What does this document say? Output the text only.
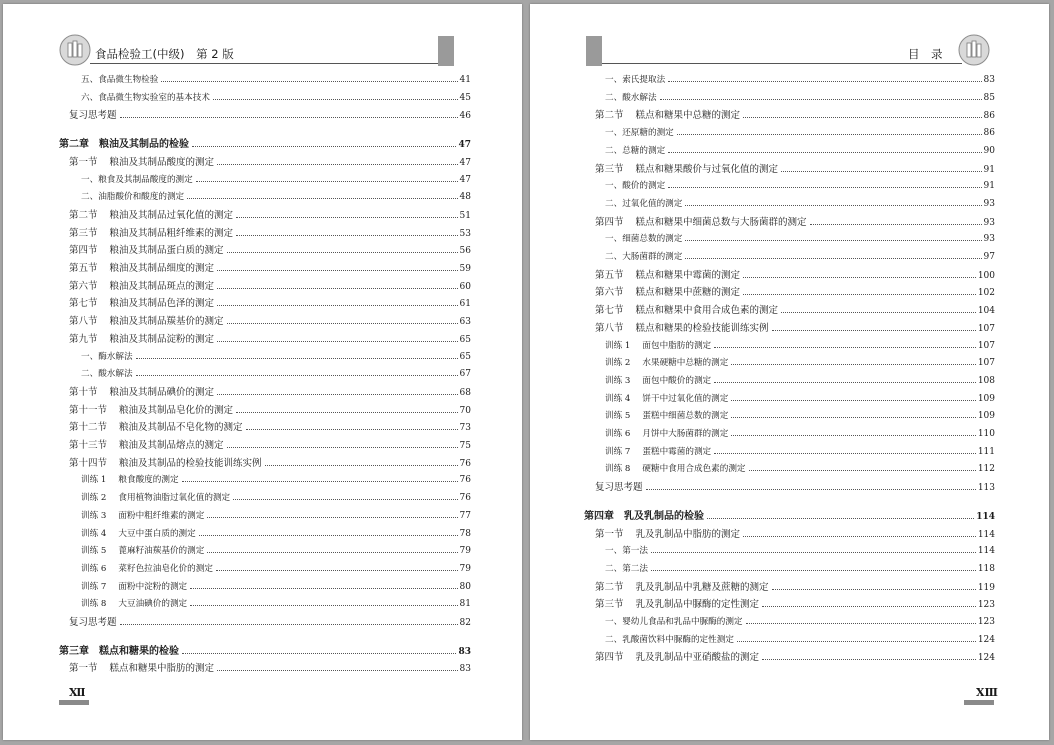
食品检验工(中级) 第 2 版
五、食品微生物检验	41
六、食品微生物实验室的基本技术	45
复习思考题	46
第二章　粮油及其制品的检验	47
第一节 粮油及其制品酸度的测定	47
一、粮食及其制品酸度的测定	47
二、油脂酸价和酸度的测定	48
第二节 粮油及其制品过氧化值的测定	51
第三节 粮油及其制品粗纤维素的测定	53
第四节 粮油及其制品蛋白质的测定	56
第五节 粮油及其制品细度的测定	59
第六节 粮油及其制品斑点的测定	60
第七节 粮油及其制品色泽的测定	61
第八节 粮油及其制品羰基价的测定	63
第九节 粮油及其制品淀粉的测定	65
一、酶水解法	65
二、酸水解法	67
第十节 粮油及其制品碘价的测定	68
第十一节 粮油及其制品皂化价的测定	70
第十二节 粮油及其制品不皂化物的测定	73
第十三节 粮油及其制品熔点的测定	75
第十四节 粮油及其制品的检验技能训练实例	76
训练 1 粮食酸度的测定	76
训练 2 食用植物油脂过氧化值的测定	76
训练 3 面粉中粗纤维素的测定	77
训练 4 大豆中蛋白质的测定	78
训练 5 蓖麻籽油羰基价的测定	79
训练 6 菜籽色拉油皂化价的测定	79
训练 7 面粉中淀粉的测定	80
训练 8 大豆油碘价的测定	81
复习思考题	82
第三章　糕点和糖果的检验	83
第一节 糕点和糖果中脂肪的测定	83
Ⅻ
目　录
一、索氏提取法	83
二、酸水解法	85
第二节 糕点和糖果中总糖的测定	86
一、还原糖的测定	86
二、总糖的测定	90
第三节 糕点和糖果酸价与过氧化值的测定	91
一、酸价的测定	91
二、过氧化值的测定	93
第四节 糕点和糖果中细菌总数与大肠菌群的测定	93
一、细菌总数的测定	93
二、大肠菌群的测定	97
第五节 糕点和糖果中霉菌的测定	100
第六节 糕点和糖果中蔗糖的测定	102
第七节 糕点和糖果中食用合成色素的测定	104
第八节 糕点和糖果的检验技能训练实例	107
训练 1 面包中脂肪的测定	107
训练 2 水果硬糖中总糖的测定	107
训练 3 面包中酸价的测定	108
训练 4 饼干中过氧化值的测定	109
训练 5 蛋糕中细菌总数的测定	109
训练 6 月饼中大肠菌群的测定	110
训练 7 蛋糕中霉菌的测定	111
训练 8 硬糖中食用合成色素的测定	112
复习思考题	113
第四章　乳及乳制品的检验	114
第一节 乳及乳制品中脂肪的测定	114
一、第一法	114
二、第二法	118
第二节 乳及乳制品中乳糖及蔗糖的测定	119
第三节 乳及乳制品中脲酶的定性测定	123
一、婴幼儿食品和乳品中脲酶的测定	123
二、乳酸菌饮料中脲酶的定性测定	124
第四节 乳及乳制品中亚硝酸盐的测定	124
ⅩⅢ
